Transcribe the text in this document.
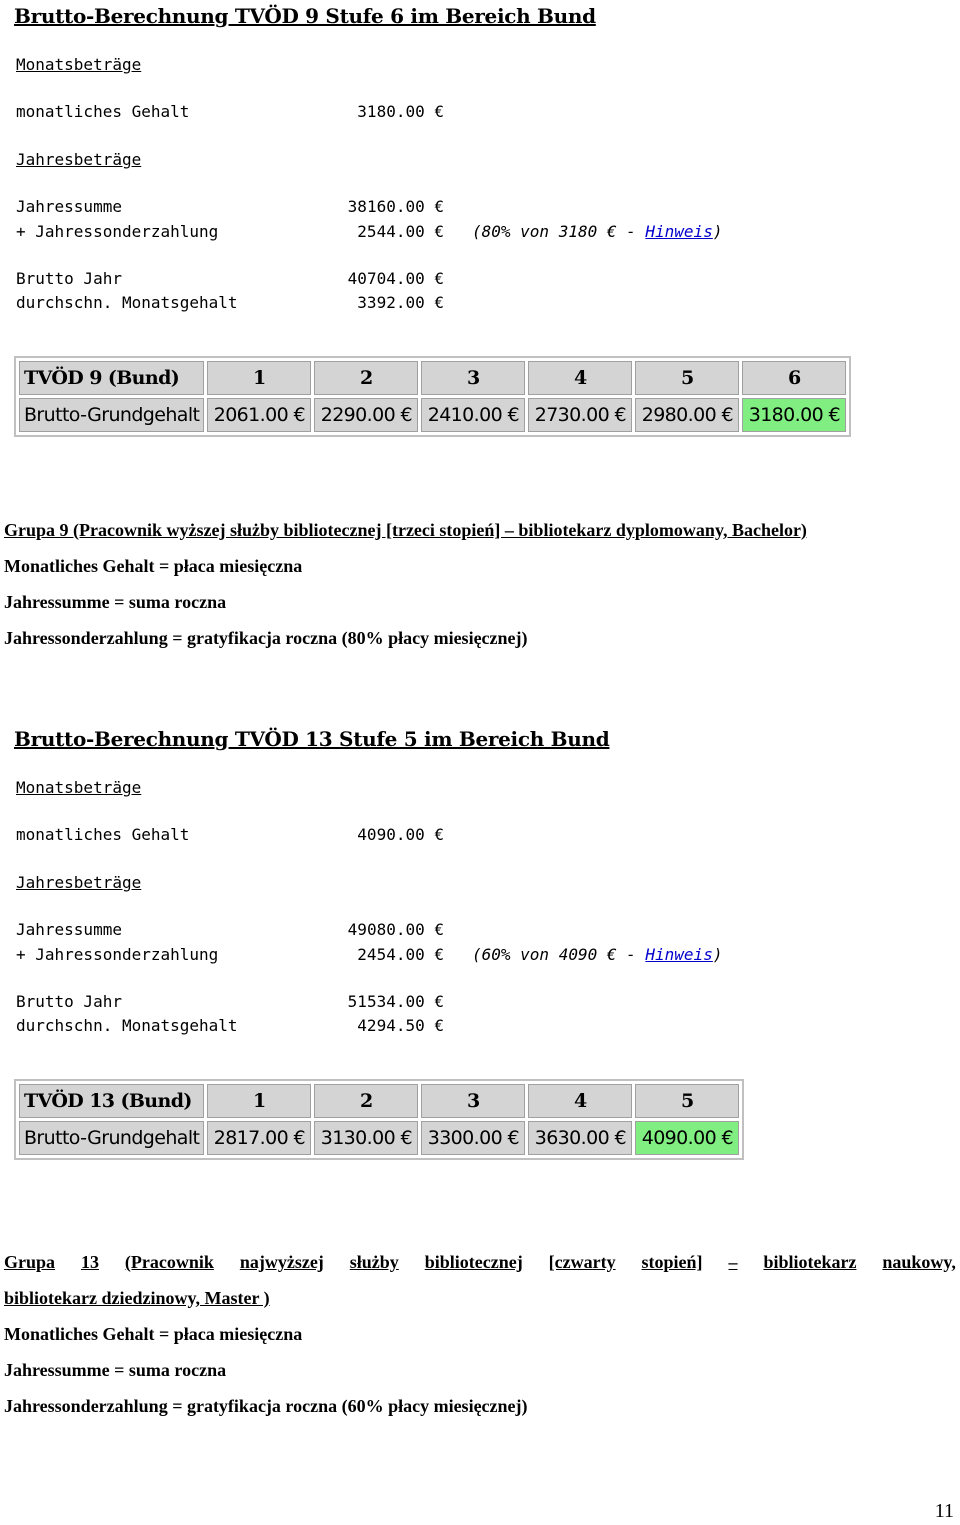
Brutto-Berechnung TVÖD 9 Stufe 6 im Bereich Bund
Monatsbeträge
monatliches Gehalt	3180.00 €
Jahresbeträge
Jahressumme	38160.00 €
+ Jahressonderzahlung	2544.00 € (80% von 3180 € - Hinweis)
Brutto Jahr	40704.00 €
durchschn. Monatsgehalt	3392.00 €
TVÖD 9 (Bund)	1	2	3	4	5	6
Brutto-Grundgehalt	2061.00 €	2290.00 €	2410.00 €	2730.00 €	2980.00 €	3180.00 €
Grupa 9 (Pracownik wyższej służby bibliotecznej [trzeci stopień] – bibliotekarz dyplomowany, Bachelor)
Monatliches Gehalt = płaca miesięczna
Jahressumme = suma roczna
Jahressonderzahlung = gratyfikacja roczna (80% płacy miesięcznej)
Brutto-Berechnung TVÖD 13 Stufe 5 im Bereich Bund
Monatsbeträge
monatliches Gehalt	4090.00 €
Jahresbeträge
Jahressumme	49080.00 €
+ Jahressonderzahlung	2454.00 € (60% von 4090 € - Hinweis)
Brutto Jahr	51534.00 €
durchschn. Monatsgehalt	4294.50 €
TVÖD 13 (Bund)	1	2	3	4	5
Brutto-Grundgehalt	2817.00 €	3130.00 €	3300.00 €	3630.00 €	4090.00 €
Grupa 13 (Pracownik najwyższej służby bibliotecznej [czwarty stopień] – bibliotekarz naukowy,
bibliotekarz dziedzinowy, Master )
Monatliches Gehalt = płaca miesięczna
Jahressumme = suma roczna
Jahressonderzahlung = gratyfikacja roczna (60% płacy miesięcznej)
11
